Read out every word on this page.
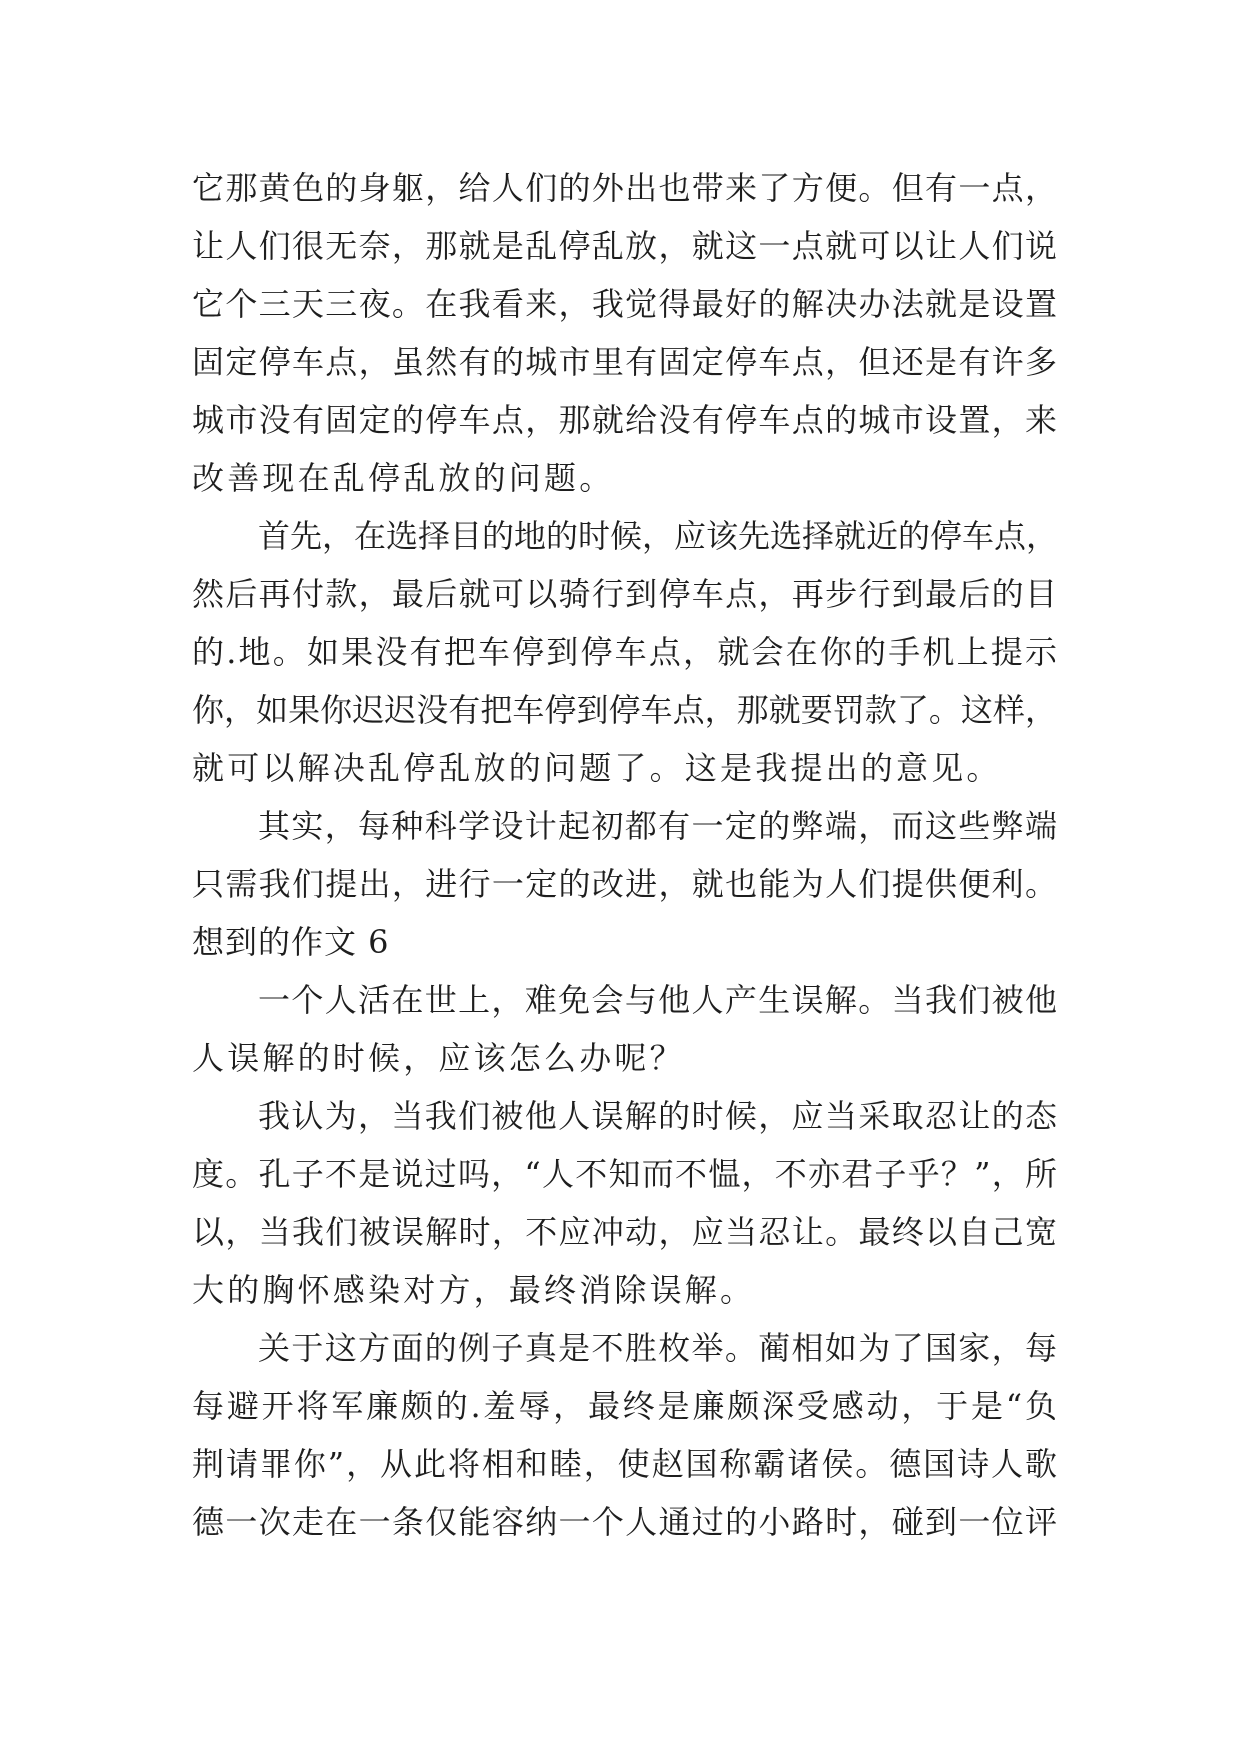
它那黄色的身躯，给人们的外出也带来了方便。但有一点，
让人们很无奈，那就是乱停乱放，就这一点就可以让人们说
它个三天三夜。在我看来，我觉得最好的解决办法就是设置
固定停车点，虽然有的城市里有固定停车点，但还是有许多
城市没有固定的停车点，那就给没有停车点的城市设置，来
改善现在乱停乱放的问题。
首先，在选择目的地的时候，应该先选择就近的停车点，
然后再付款，最后就可以骑行到停车点，再步行到最后的目
的.地。如果没有把车停到停车点，就会在你的手机上提示
你，如果你迟迟没有把车停到停车点，那就要罚款了。这样，
就可以解决乱停乱放的问题了。这是我提出的意见。
其实，每种科学设计起初都有一定的弊端，而这些弊端
只需我们提出，进行一定的改进，就也能为人们提供便利。
想到的作文 6
一个人活在世上，难免会与他人产生误解。当我们被他
人误解的时候，应该怎么办呢？
我认为，当我们被他人误解的时候，应当采取忍让的态
度。孔子不是说过吗，“人不知而不愠，不亦君子乎？”，所
以，当我们被误解时，不应冲动，应当忍让。最终以自己宽
大的胸怀感染对方，最终消除误解。
关于这方面的例子真是不胜枚举。蔺相如为了国家，每
每避开将军廉颇的.羞辱，最终是廉颇深受感动，于是“负
荆请罪你”，从此将相和睦，使赵国称霸诸侯。德国诗人歌
德一次走在一条仅能容纳一个人通过的小路时，碰到一位评
